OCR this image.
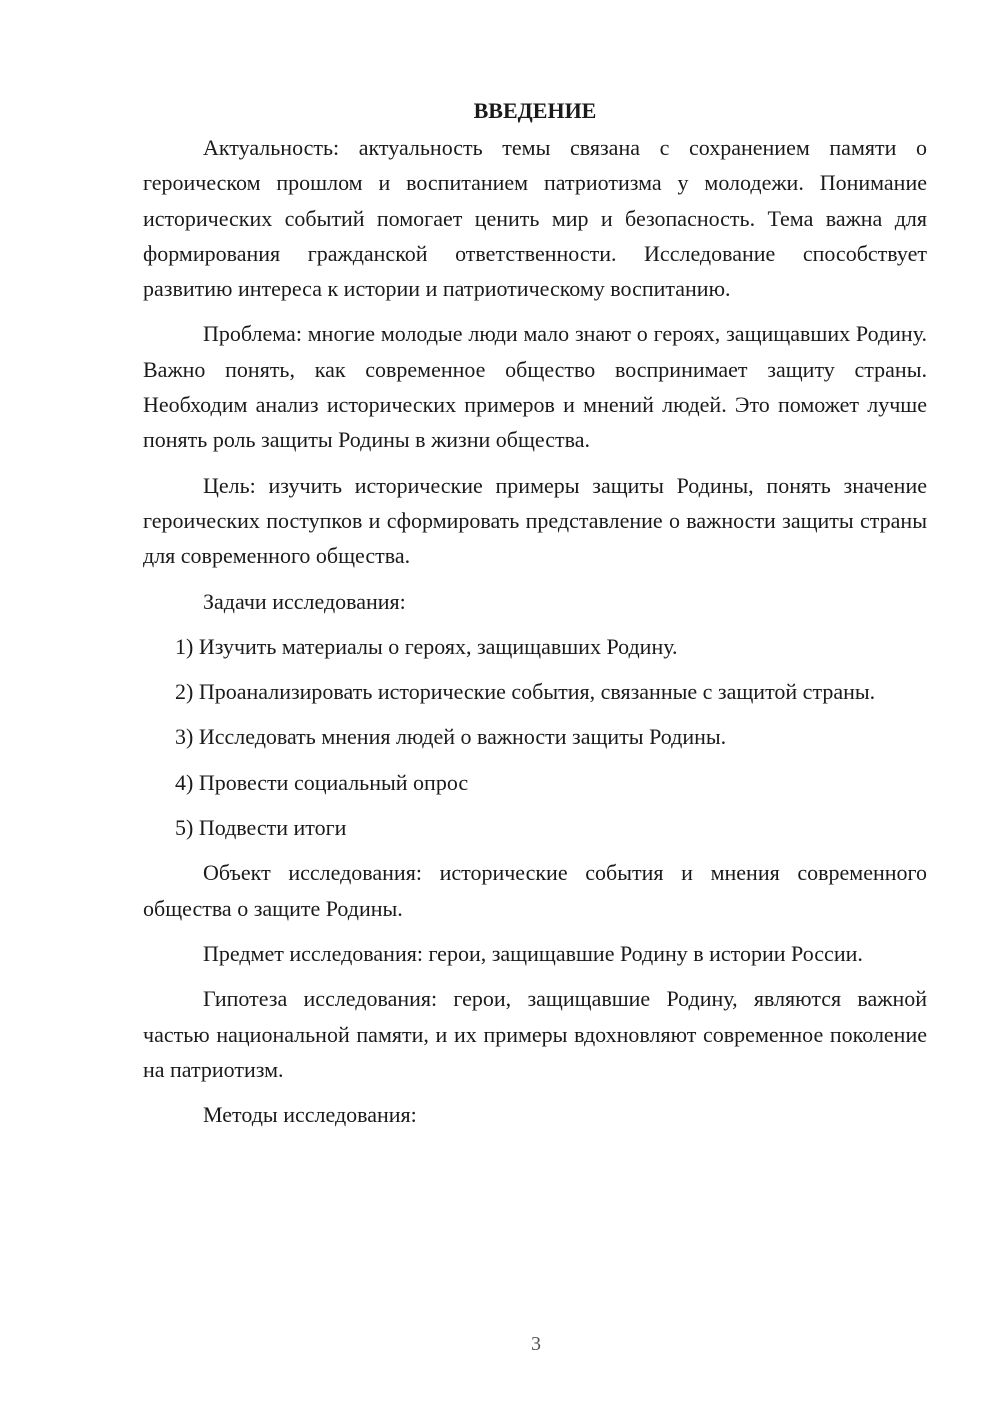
ВВЕДЕНИЕ

Актуальность: актуальность темы связана с сохранением памяти о героическом прошлом и воспитанием патриотизма у молодежи. Понимание исторических событий помогает ценить мир и безопасность. Тема важна для формирования гражданской ответственности. Исследование способствует развитию интереса к истории и патриотическому воспитанию.

Проблема: многие молодые люди мало знают о героях, защищавших Родину. Важно понять, как современное общество воспринимает защиту страны. Необходим анализ исторических примеров и мнений людей. Это поможет лучше понять роль защиты Родины в жизни общества.

Цель: изучить исторические примеры защиты Родины, понять значение героических поступков и сформировать представление о важности защиты страны для современного общества.

Задачи исследования:

1) Изучить материалы о героях, защищавших Родину.

2) Проанализировать исторические события, связанные с защитой страны.

3) Исследовать мнения людей о важности защиты Родины.

4) Провести социальный опрос

5) Подвести итоги

Объект исследования: исторические события и мнения современного общества о защите Родины.

Предмет исследования: герои, защищавшие Родину в истории России.

Гипотеза исследования: герои, защищавшие Родину, являются важной частью национальной памяти, и их примеры вдохновляют современное поколение на патриотизм.

Методы исследования:

3
